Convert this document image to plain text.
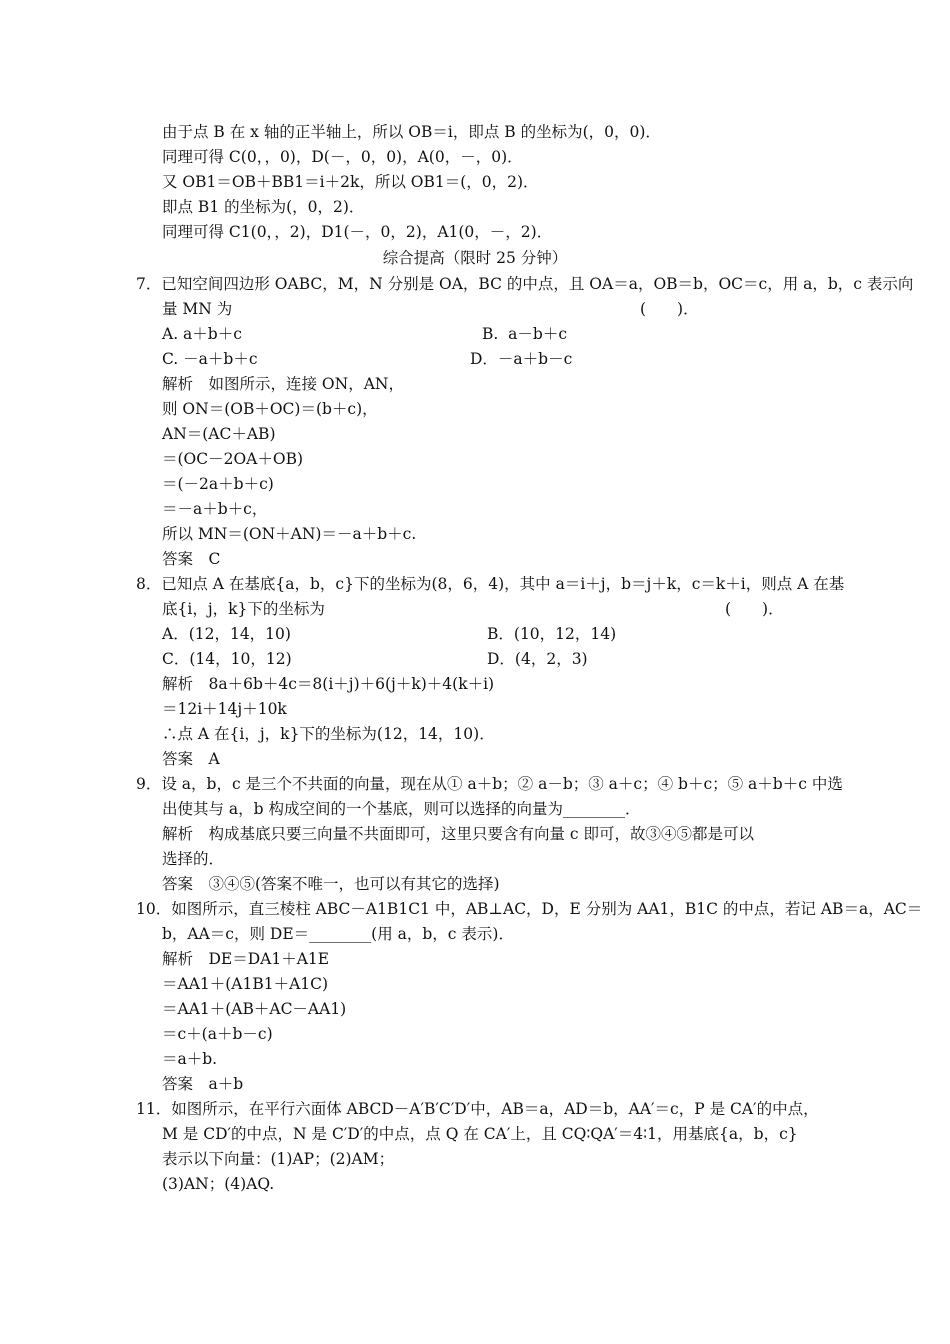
由于点 B 在 x 轴的正半轴上，所以 OB＝i，即点 B 的坐标为(，0，0)．
同理可得 C(0，，0)，D(－，0，0)，A(0，－，0)．
又 OB1＝OB＋BB1＝i＋2k，所以 OB1＝(，0，2)．
即点 B1 的坐标为(，0，2)．
同理可得 C1(0，，2)，D1(－，0，2)，A1(0，－，2)．
综合提高（限时 25 分钟）
7．已知空间四边形 OABC，M，N 分别是 OA，BC 的中点，且 OA＝a，OB＝b，OC＝c，用 a，b，c 表示向
量 MN 为
解析　如图所示，连接 ON，AN，
则 ON＝(OB＋OC)＝(b＋c)，
AN＝(AC＋AB)
＝(OC－2OA＋OB)
＝(－2a＋b＋c)
＝－a＋b＋c，
所以 MN＝(ON＋AN)＝－a＋b＋c.
答案　C
8．已知点 A 在基底{a，b，c}下的坐标为(8，6，4)，其中 a＝i＋j，b＝j＋k，c＝k＋i，则点 A 在基
底{i，j，k}下的坐标为
解析　8a＋6b＋4c＝8(i＋j)＋6(j＋k)＋4(k＋i)
＝12i＋14j＋10k
∴点 A 在{i，j，k}下的坐标为(12，14，10)．
答案　A
9．设 a，b，c 是三个不共面的向量，现在从① a＋b；② a－b；③ a＋c；④ b＋c；⑤ a＋b＋c 中选
出使其与 a，b 构成空间的一个基底，则可以选择的向量为________．
解析　构成基底只要三向量不共面即可，这里只要含有向量 c 即可，故③④⑤都是可以
选择的．
答案　③④⑤(答案不唯一，也可以有其它的选择)
10．如图所示，直三棱柱 ABC－A1B1C1 中，AB⊥AC，D，E 分别为 AA1，B1C 的中点，若记 AB＝a，AC＝
b，AA＝c，则 DE＝________(用 a，b，c 表示)．
解析　DE＝DA1＋A1E
＝AA1＋(A1B1＋A1C)
＝AA1＋(AB＋AC－AA1)
＝c＋(a＋b－c)
＝a＋b.
答案　a＋b
11．如图所示，在平行六面体 ABCD－A′B′C′D′中，AB＝a，AD＝b，AA′＝c，P 是 CA′的中点，
M 是 CD′的中点，N 是 C′D′的中点，点 Q 在 CA′上，且 CQ∶QA′＝4∶1，用基底{a，b，c}
表示以下向量：(1)AP；(2)AM；
(3)AN；(4)AQ.
(　　)．
A. a＋b＋c	B.  a－b＋c
C. －a＋b＋c	D．－a＋b－c
(　　)．
A．(12，14，10)	B．(10，12，14)
C．(14，10，12)	D．(4，2，3)
